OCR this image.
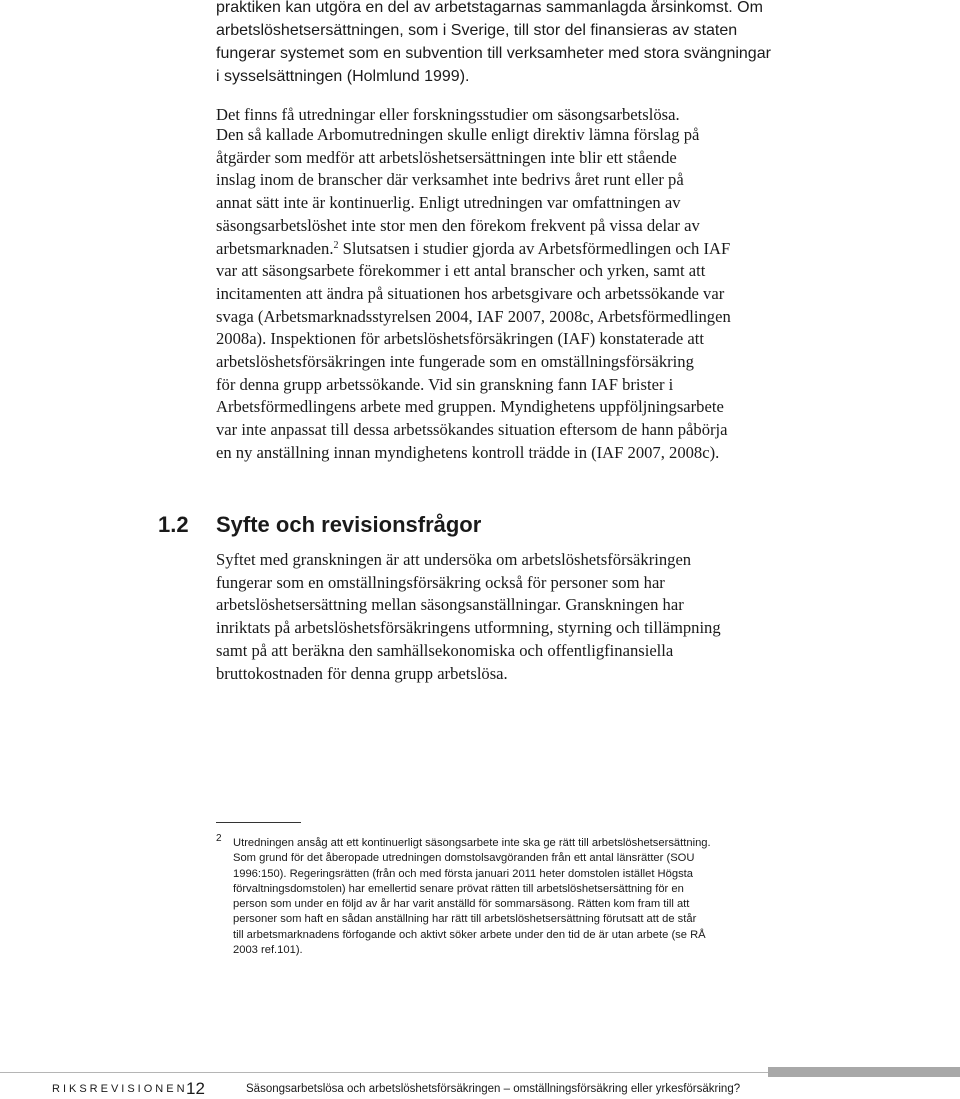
praktiken kan utgöra en del av arbetstagarnas sammanlagda årsinkomst. Om
arbetslöshetsersättningen, som i Sverige, till stor del finansieras av staten
fungerar systemet som en subvention till verksamheter med stora svängningar
i sysselsättningen (Holmlund 1999).
Det finns få utredningar eller forskningsstudier om säsongsarbetslösa.
Den så kallade Arbomutredningen skulle enligt direktiv lämna förslag på
åtgärder som medför att arbetslöshetsersättningen inte blir ett stående
inslag inom de branscher där verksamhet inte bedrivs året runt eller på
annat sätt inte är kontinuerlig. Enligt utredningen var omfattningen av
säsongsarbetslöshet inte stor men den förekom frekvent på vissa delar av
arbetsmarknaden.$^2$ Slutsatsen i studier gjorda av Arbetsförmedlingen och IAF
var att säsongsarbete förekommer i ett antal branscher och yrken, samt att
incitamenten att ändra på situationen hos arbetsgivare och arbetssökande var
svaga (Arbetsmarknadsstyrelsen 2004, IAF 2007, 2008c, Arbetsförmedlingen
2008a). Inspektionen för arbetslöshetsförsäkringen (IAF) konstaterade att
arbetslöshetsförsäkringen inte fungerade som en omställningsförsäkring
för denna grupp arbetssökande. Vid sin granskning fann IAF brister i
Arbetsförmedlingens arbete med gruppen. Myndighetens uppföljningsarbete
var inte anpassat till dessa arbetssökandes situation eftersom de hann påbörja
en ny anställning innan myndighetens kontroll trädde in (IAF 2007, 2008c).
1.2 Syfte och revisionsfrågor
Syftet med granskningen är att undersöka om arbetslöshetsförsäkringen
fungerar som en omställningsförsäkring också för personer som har
arbetslöshetsersättning mellan säsongsanställningar. Granskningen har
inriktats på arbetslöshetsförsäkringens utformning, styrning och tillämpning
samt på att beräkna den samhällsekonomiska och offentligfinansiella
bruttokostnaden för denna grupp arbetslösa.
2 Utredningen ansåg att ett kontinuerligt säsongsarbete inte ska ge rätt till arbetslöshetsersättning.
Som grund för det åberopade utredningen domstolsavgöranden från ett antal länsrätter (SOU
1996:150). Regeringsrätten (från och med första januari 2011 heter domstolen istället Högsta
förvaltningsdomstolen) har emellertid senare prövat rätten till arbetslöshetsersättning för en
person som under en följd av år har varit anställd för sommarsäsong. Rätten kom fram till att
personer som haft en sådan anställning har rätt till arbetslöshetsersättning förutsatt att de står
till arbetsmarknadens förfogande och aktivt söker arbete under den tid de är utan arbete (se RÅ
2003 ref.101).
RIKSREVISIONEN
12	Säsongsarbetslösa och arbetslöshetsförsäkringen – omställningsförsäkring eller yrkesförsäkring?
